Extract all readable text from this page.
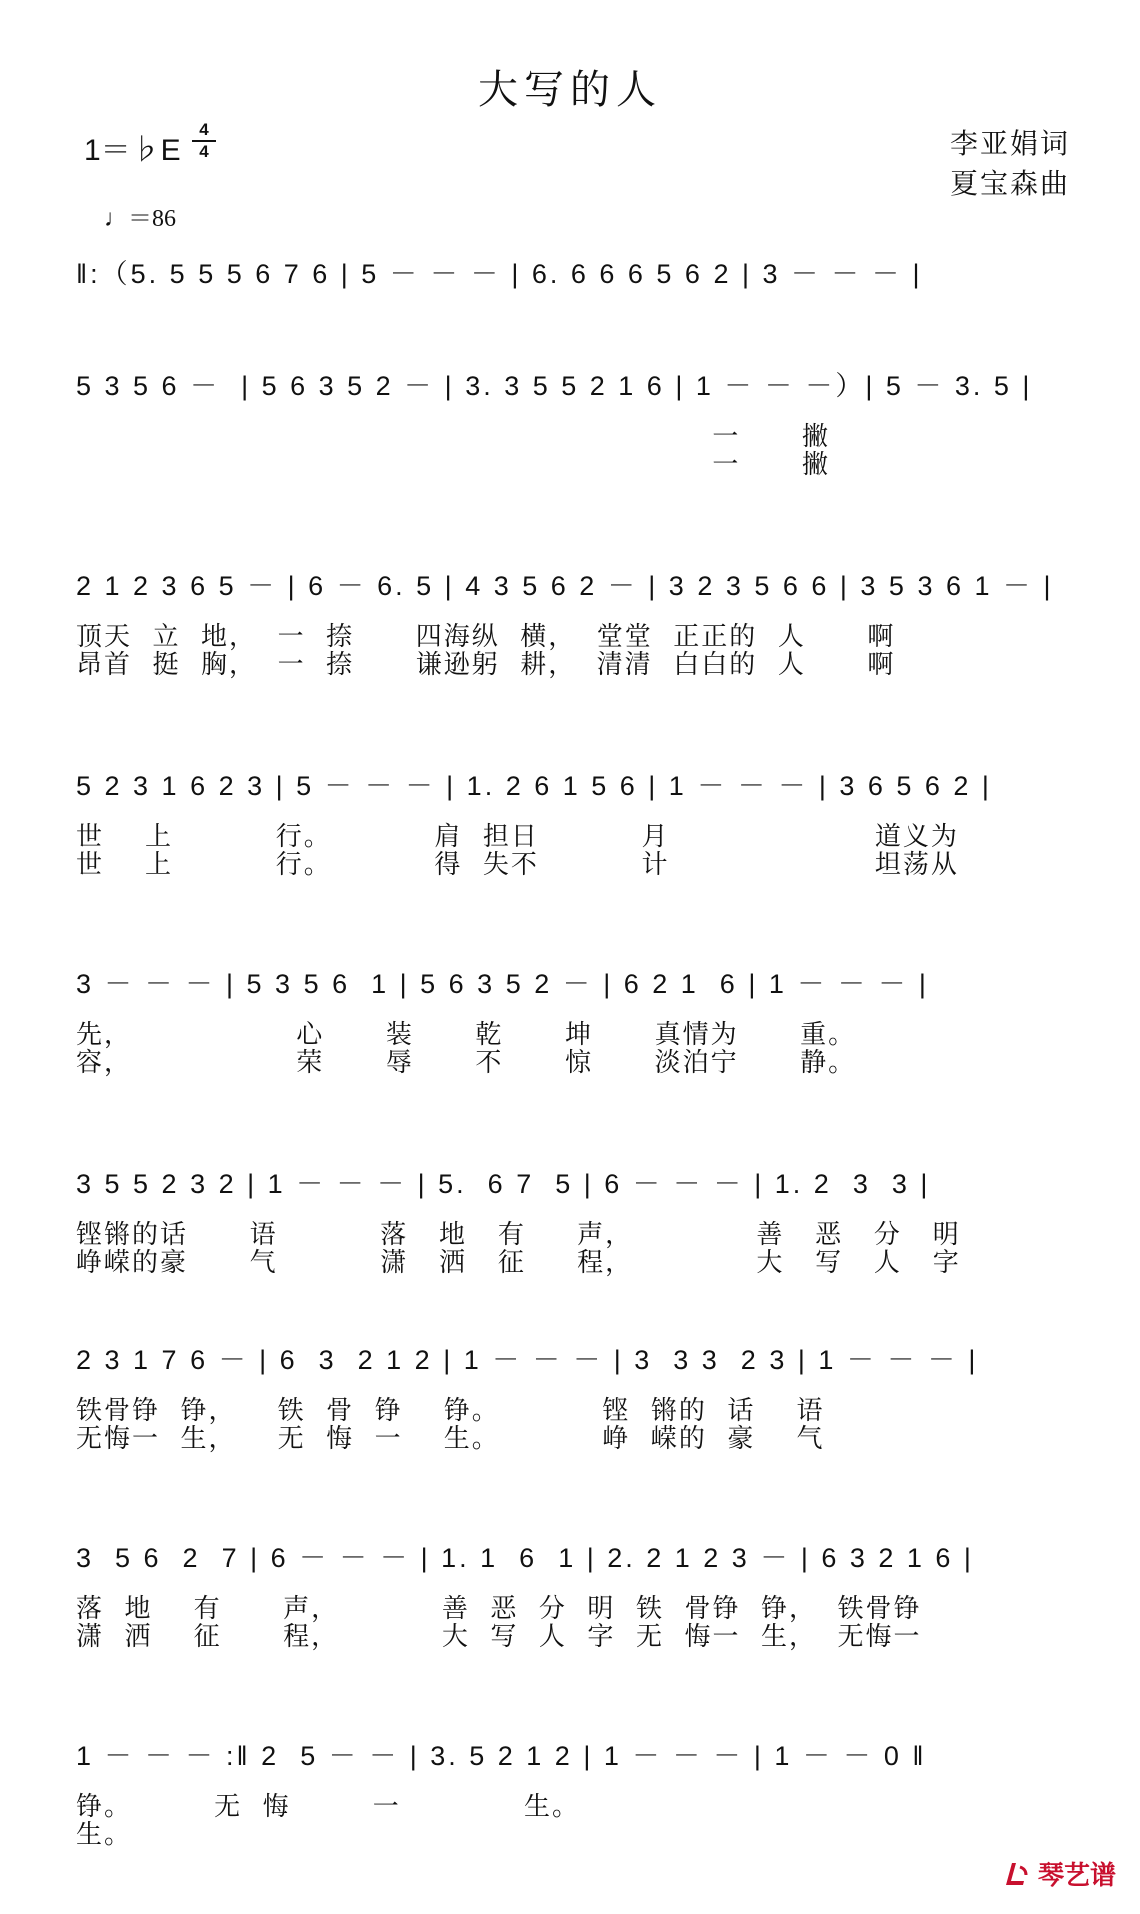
大写的人
1＝♭E
4
4
♩＝86
李亚娟词
夏宝森曲
‖:（5. 5 5 5 6 7 6 | 5 － － － | 6. 6 6 6 5 6 2 | 3 － － － |
5 3 5 6 －  | 5 6 3 5 2 － | 3. 3 5 5 2 1 6 | 1 － － －）| 5 － 3. 5 |
一      撇
一      撇
2 1 2 3 6 5 － | 6 － 6. 5 | 4 3 5 6 2 － | 3 2 3 5 6 6 | 3 5 3 6 1 － |
顶天  立  地，  一  捺      四海纵  横，  堂堂  正正的  人      啊
昂首  挺  胸，  一  捺      谦逊躬  耕，  清清  白白的  人      啊
5 2 3 1 6 2 3 | 5 － － － | 1. 2 6 1 5 6 | 1 － － － | 3 6 5 6 2 |
世    上          行。          肩  担日          月                    道义为
世    上          行。          得  失不          计                    坦荡从
3 － － － | 5 3 5 6  1 | 5 6 3 5 2 － | 6 2 1  6 | 1 － － － |
先，                心      装      乾      坤      真情为      重。
容，                荣      辱      不      惊      淡泊宁      静。
3 5 5 2 3 2 | 1 － － － | 5.  6 7  5 | 6 － － － | 1. 2  3  3 |
铿锵的话      语          落   地   有     声，            善   恶   分   明
峥嵘的豪      气          潇   洒   征     程，            大   写   人   字
2 3 1 7 6 － | 6  3  2 1 2 | 1 － － － | 3  3 3  2 3 | 1 － － － |
铁骨铮  铮，    铁  骨  铮    铮。          铿  锵的  话    语
无悔一  生，    无  悔  一    生。          峥  嵘的  豪    气
3  5 6  2  7 | 6 － － － | 1. 1  6  1 | 2. 2 1 2 3 － | 6 3 2 1 6 |
落  地    有      声，          善  恶  分  明  铁  骨铮  铮，  铁骨铮
潇  洒    征      程，          大  写  人  字  无  悔一  生，  无悔一
1 － － － :‖ 2  5 － － | 3. 5 2 1 2 | 1 － － － | 1 － － 0 ‖
铮。        无  悔        一            生。
生。
琴艺谱
